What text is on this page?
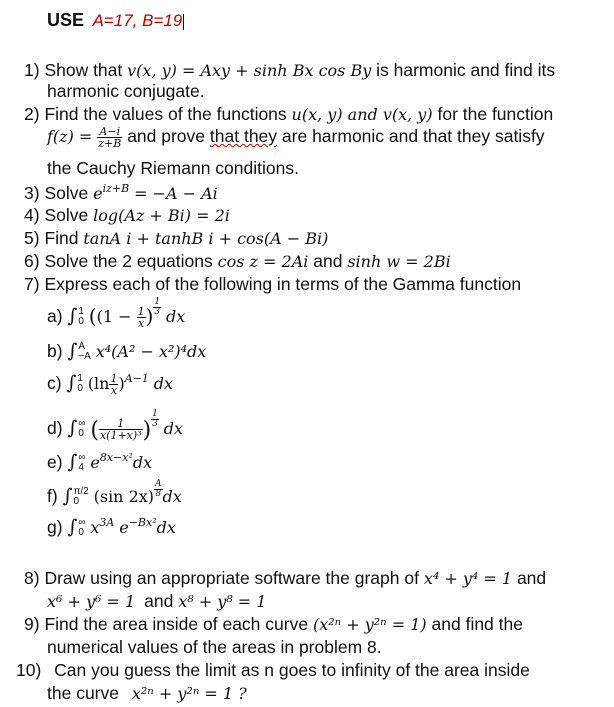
USE A=17, B=19
1) Show that v(x, y) = Axy + sinh Bx cos By is harmonic and find its
harmonic conjugate.
2) Find the values of the functions u(x, y) and v(x, y) for the function
$f(z) = \frac{A-i}{z+B}$ and prove that they are harmonic and that they satisfy
the Cauchy Riemann conditions.
3) Solve $e^{iz+B} = -A - Ai$
4) Solve log(Az + Bi) = 2i
5) Find tanA i + tanhB i + cos(A − Bi)
6) Solve the 2 equations cos z = 2Ai and sinh w = 2Bi
7) Express each of the following in terms of the Gamma function
a) ∫ 1
0 (($1 - \frac{1}{x}$ ) $\frac{1}{3}$ dx
b) ∫ A
−A x⁴(A² − x²)⁴dx
c) ∫ 1
0 $(\ln \frac{1}{x} )^{A-1}$ dx
d) ∫ ∞
0 ( $\frac{1}{\text{x(1+x)³}}$ ) $\frac{1}{3}$ dx
e) ∫ ∞
4 $e^{8x-x^2}dx$
f) ∫ π/2
0 (sin $2x) \frac{A}{8}$ dx
g) ∫ ∞
0 $x^{3A}$ $e^{-Bx^2}dx$
8) Draw using an appropriate software the graph of x⁴ + y⁴ = 1 and
x⁶ + y⁶ = 1 and x⁸ + y⁸ = 1
9) Find the area inside of each curve (x²ⁿ + y²ⁿ = 1) and find the
numerical values of the areas in problem 8.
10) Can you guess the limit as n goes to infinity of the area inside
the curve x²ⁿ + y²ⁿ = 1 ?
